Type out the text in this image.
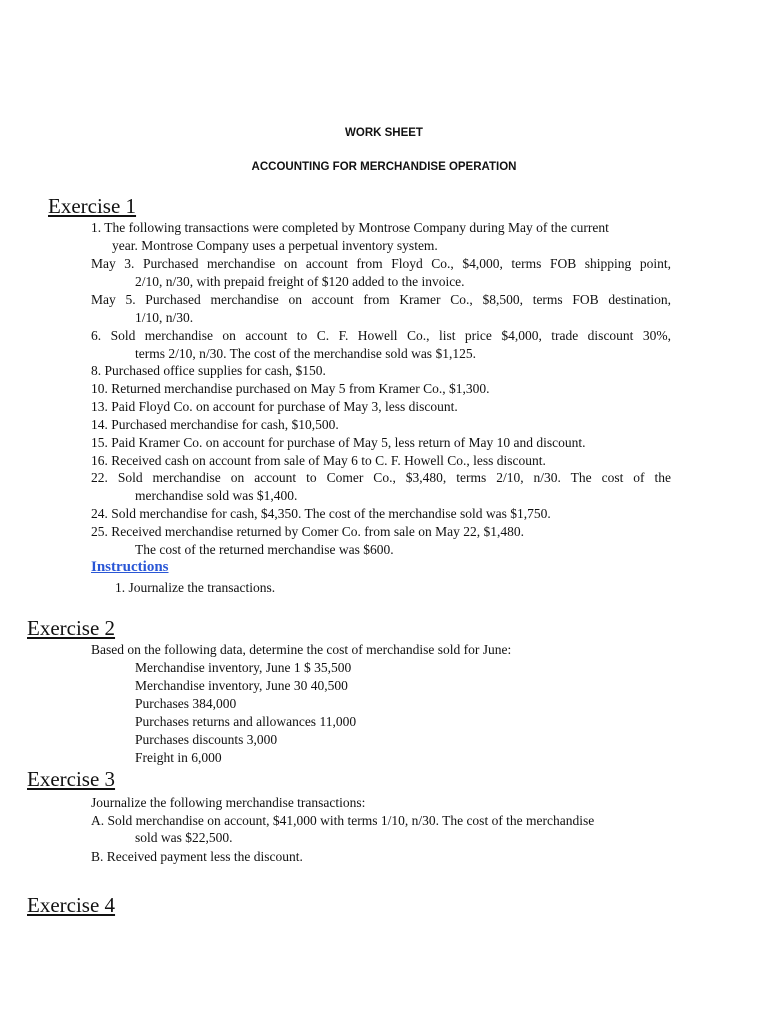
WORK SHEET
ACCOUNTING FOR MERCHANDISE OPERATION
Exercise 1
1. The following transactions were completed by Montrose Company during May of the current
year. Montrose Company uses a perpetual inventory system.
May 3. Purchased merchandise on account from Floyd Co., $4,000, terms FOB shipping point,
2/10, n/30, with prepaid freight of $120 added to the invoice.
May 5. Purchased merchandise on account from Kramer Co., $8,500, terms FOB destination,
1/10, n/30.
6. Sold merchandise on account to C. F. Howell Co., list price $4,000, trade discount 30%,
terms 2/10, n/30. The cost of the merchandise sold was $1,125.
8. Purchased office supplies for cash, $150.
10. Returned merchandise purchased on May 5 from Kramer Co., $1,300.
13. Paid Floyd Co. on account for purchase of May 3, less discount.
14. Purchased merchandise for cash, $10,500.
15. Paid Kramer Co. on account for purchase of May 5, less return of May 10 and discount.
16. Received cash on account from sale of May 6 to C. F. Howell Co., less discount.
22. Sold merchandise on account to Comer Co., $3,480, terms 2/10, n/30. The cost of the
merchandise sold was $1,400.
24. Sold merchandise for cash, $4,350. The cost of the merchandise sold was $1,750.
25. Received merchandise returned by Comer Co. from sale on May 22, $1,480.
The cost of the returned merchandise was $600.
Instructions
1. Journalize the transactions.
Exercise 2
Based on the following data, determine the cost of merchandise sold for June:
Merchandise inventory, June 1 $ 35,500
Merchandise inventory, June 30 40,500
Purchases 384,000
Purchases returns and allowances 11,000
Purchases discounts 3,000
Freight in 6,000
Exercise 3
Journalize the following merchandise transactions:
A. Sold merchandise on account, $41,000 with terms 1/10, n/30. The cost of the merchandise
sold was $22,500.
B. Received payment less the discount.
Exercise 4
